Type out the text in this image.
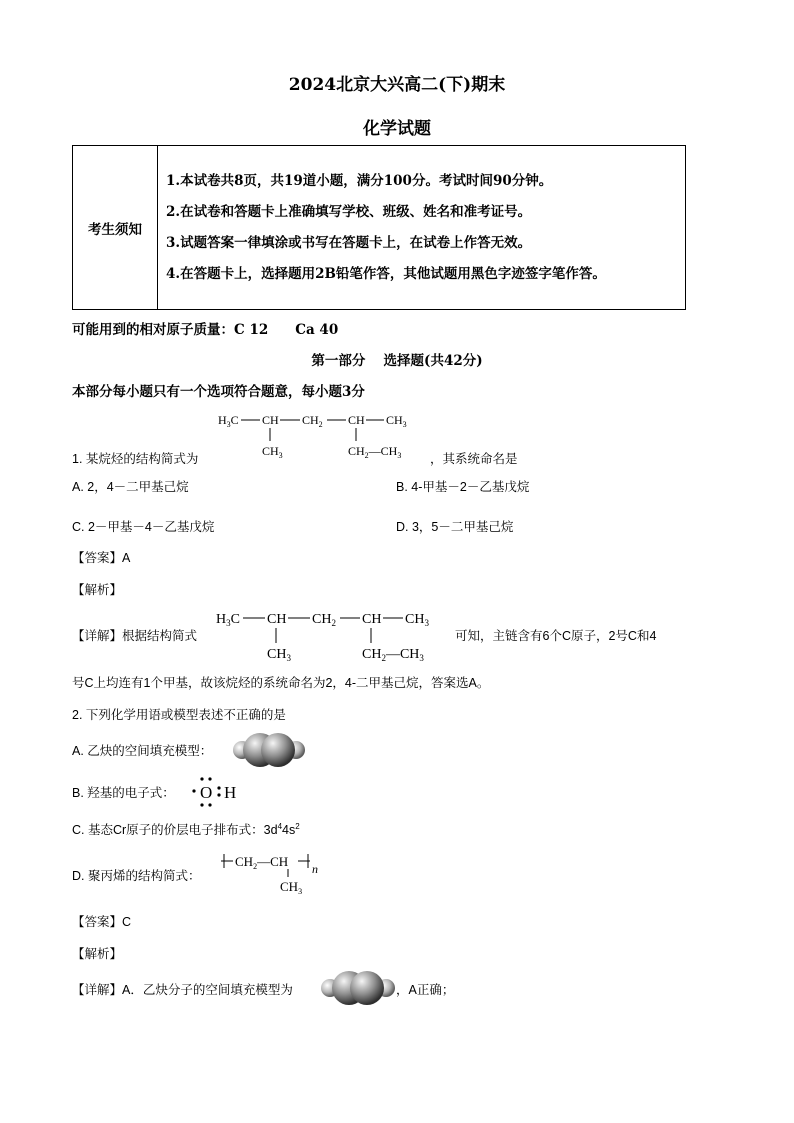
2024北京大兴高二(下)期末
化学试题
考生须知	
1.本试卷共8页，共19道小题，满分100分。考试时间90分钟。
2.在试卷和答题卡上准确填写学校、班级、姓名和准考证号。
3.试题答案一律填涂或书写在答题卡上，在试卷上作答无效。
4.在答题卡上，选择题用2B铅笔作答，其他试题用黑色字迹签字笔作答。
可能用到的相对原子质量：C 12　　Ca 40
第一部分　 选择题(共42分)
本部分每小题只有一个选项符合题意，每小题3分
$H_3C$ CH $CH_2$ CH $CH_3$
$CH_3$	$CH_2—CH_3$
1. 某烷烃的结构简式为	，其系统命名是
A. 2，4－二甲基己烷	B. 4-甲基－2－乙基戊烷
C. 2－甲基－4－乙基戊烷	D. 3，5－二甲基己烷
【答案】A
【解析】
【详解】根据结构简式
$H_3C$ CH $CH_2$ CH $CH_3$
$CH_3$	$CH_2—CH_3$
可知，主链含有6个C原子，2号C和4
号C上均连有1个甲基，故该烷烃的系统命名为2，4-二甲基己烷，答案选A。
2. 下列化学用语或模型表述不正确的是
A. 乙炔的空间填充模型：
B. 羟基的电子式： O H
C. 基态Cr原子的价层电子排布式：$3d^44s^2$
D. 聚丙烯的结构简式：
$CH_2—CH$
$CH_3$
n
【答案】C
【解析】
【详解】A．乙炔分子的空间填充模型为	，A正确；
